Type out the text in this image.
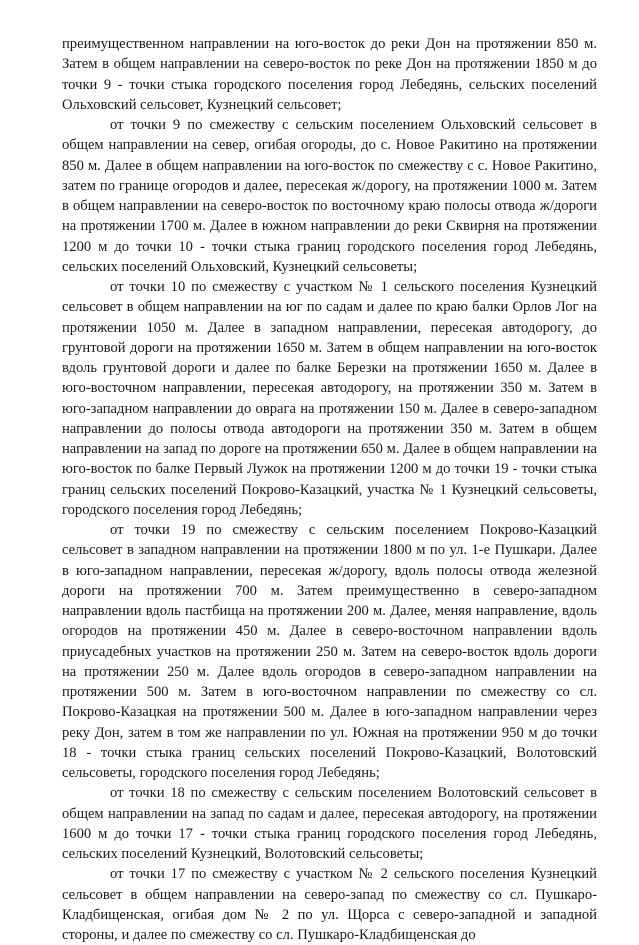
преимущественном направлении на юго-восток до реки Дон на протяжении 850 м. Затем в общем направлении на северо-восток по реке Дон на протяжении 1850 м до точки 9 - точки стыка городского поселения город Лебедянь, сельских поселений Ольховский сельсовет, Кузнецкий сельсовет;

от точки 9 по смежеству с сельским поселением Ольховский сельсовет в общем направлении на север, огибая огороды, до с. Новое Ракитино на протяжении 850 м. Далее в общем направлении на юго-восток по смежеству с с. Новое Ракитино, затем по границе огородов и далее, пересекая ж/дорогу, на протяжении 1000 м. Затем в общем направлении на северо-восток по восточному краю полосы отвода ж/дороги на протяжении 1700 м. Далее в южном направлении до реки Сквирня на протяжении 1200 м до точки 10 - точки стыка границ городского поселения город Лебедянь, сельских поселений Ольховский, Кузнецкий сельсоветы;

от точки 10 по смежеству с участком № 1 сельского поселения Кузнецкий сельсовет в общем направлении на юг по садам и далее по краю балки Орлов Лог на протяжении 1050 м. Далее в западном направлении, пересекая автодорогу, до грунтовой дороги на протяжении 1650 м. Затем в общем направлении на юго-восток вдоль грунтовой дороги и далее по балке Березки на протяжении 1650 м. Далее в юго-восточном направлении, пересекая автодорогу, на протяжении 350 м. Затем в юго-западном направлении до оврага на протяжении 150 м. Далее в северо-западном направлении до полосы отвода автодороги на протяжении 350 м. Затем в общем направлении на запад по дороге на протяжении 650 м. Далее в общем направлении на юго-восток по балке Первый Лужок на протяжении 1200 м до точки 19 - точки стыка границ сельских поселений Покрово-Казацкий, участка № 1 Кузнецкий сельсоветы, городского поселения город Лебедянь;

от точки 19 по смежеству с сельским поселением Покрово-Казацкий сельсовет в западном направлении на протяжении 1800 м по ул. 1-е Пушкари. Далее в юго-западном направлении, пересекая ж/дорогу, вдоль полосы отвода железной дороги на протяжении 700 м. Затем преимущественно в северо-западном направлении вдоль пастбища на протяжении 200 м. Далее, меняя направление, вдоль огородов на протяжении 450 м. Далее в северо-восточном направлении вдоль приусадебных участков на протяжении 250 м. Затем на северо-восток вдоль дороги на протяжении 250 м. Далее вдоль огородов в северо-западном направлении на протяжении 500 м. Затем в юго-восточном направлении по смежеству со сл. Покрово-Казацкая на протяжении 500 м. Далее в юго-западном направлении через реку Дон, затем в том же направлении по ул. Южная на протяжении 950 м до точки 18 - точки стыка границ сельских поселений Покрово-Казацкий, Волотовский сельсоветы, городского поселения город Лебедянь;

от точки 18 по смежеству с сельским поселением Волотовский сельсовет в общем направлении на запад по садам и далее, пересекая автодорогу, на протяжении 1600 м до точки 17 - точки стыка границ городского поселения город Лебедянь, сельских поселений Кузнецкий, Волотовский сельсоветы;

от точки 17 по смежеству с участком № 2 сельского поселения Кузнецкий сельсовет в общем направлении на северо-запад по смежеству со сл. Пушкаро-Кладбищенская, огибая дом № 2 по ул. Щорса с северо-западной и западной стороны, и далее по смежеству со сл. Пушкаро-Кладбищенская до
